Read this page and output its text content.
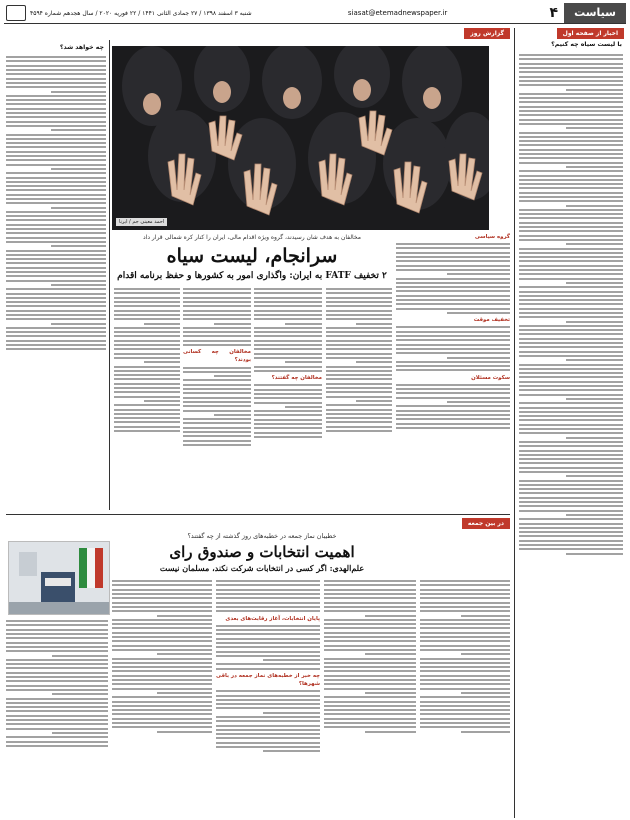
سیاست
۴
siasat@etemadnewspaper.ir
شنبه ۳ اسفند ۱۳۹۸ / ۲۷ جمادی الثانی ۱۴۴۱ / ۲۲ فوریه ۲۰۲۰ / سال هجدهم شماره ۴۵۹۴
اخبار از صفحه اول
با لیست سیاه چه کنیم؟
گزارش روز
احمد معینی جم / ایرنا
چه خواهد شد؟
گروه سیاسی
تخفیف موقت
سکوت مسئلان
مخالفان به هدف شان رسیدند، گروه ویژه اقدام مالی، ایران را کنار کره شمالی قرار داد
سرانجام، لیست سیاه
۲ تخفیف FATF به ایران: واگذاری امور به کشورها و حفظ برنامه اقدام
مخالفان چه گفتند؟
مخالفان چه کسانی بودند؟
در بین جمعه
خطیبان نماز جمعه در خطبه‌های روز گذشته از چه گفتند؟
اهمیت انتخابات و صندوق رای
علم‌الهدی: اگر کسی در انتخابات شرکت نکند، مسلمان نیست
پایان انتخابات، آغاز رقابت‌های بعدی
چه خبر از خطبه‌های نماز جمعه در باقی شهرها؟
